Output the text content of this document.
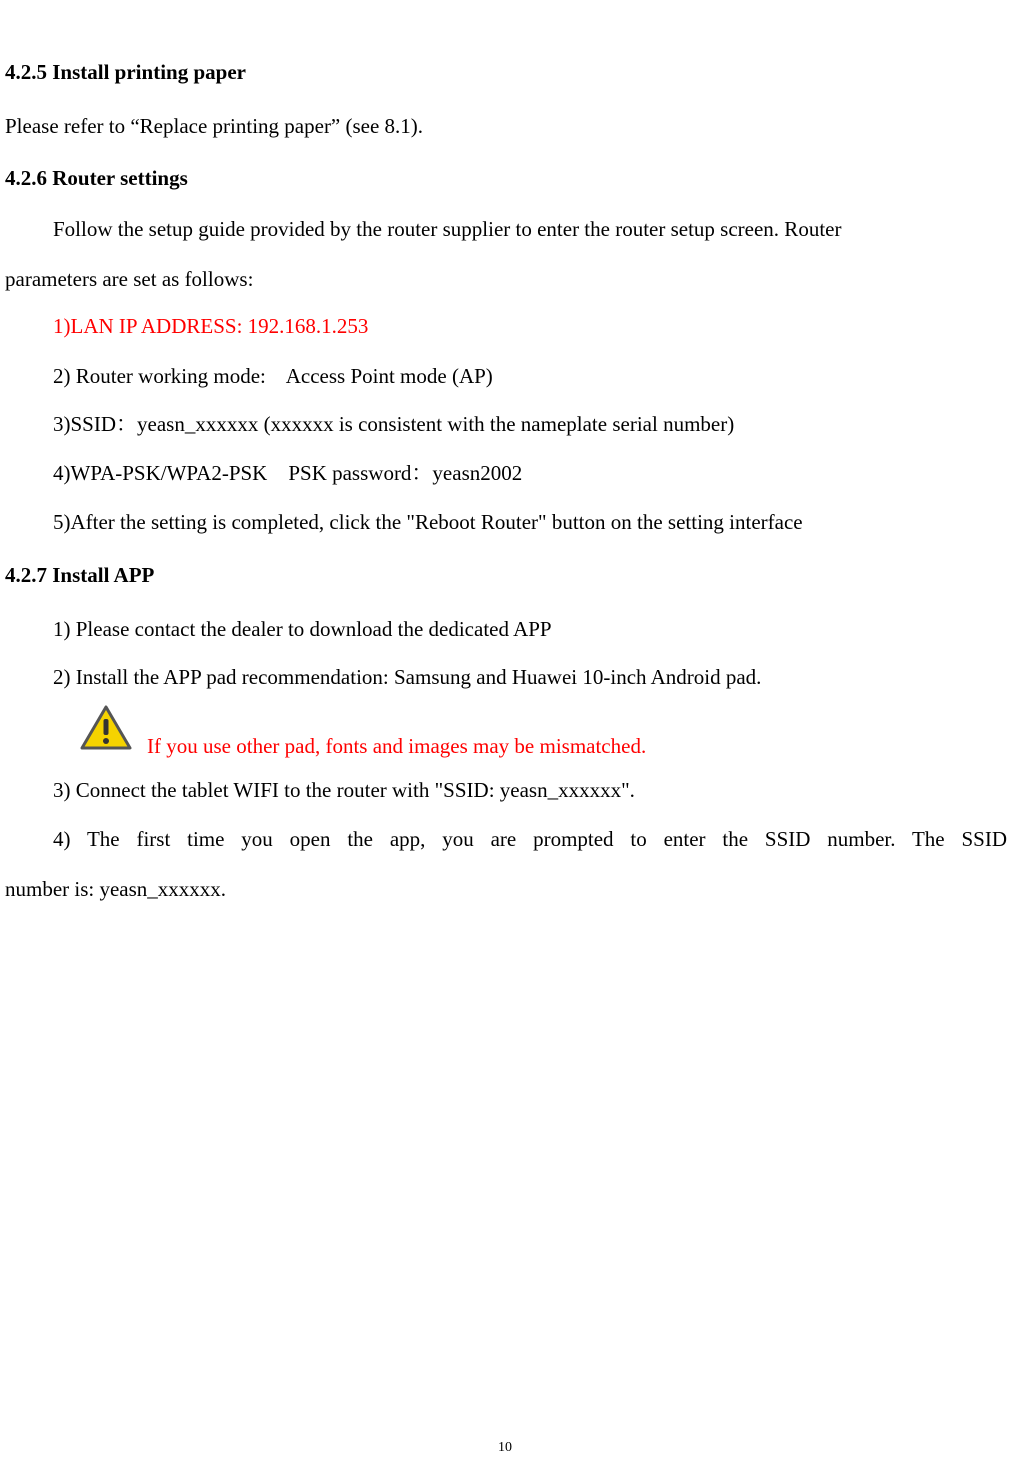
4.2.5 Install printing paper
Please refer to “Replace printing paper” (see 8.1).
4.2.6 Router settings
Follow the setup guide provided by the router supplier to enter the router setup screen. Router
parameters are set as follows:
1)LAN IP ADDRESS: 192.168.1.253
2) Router working mode:    Access Point mode (AP)
3)SSID：yeasn_xxxxxx (xxxxxx is consistent with the nameplate serial number)
4)WPA-PSK/WPA2-PSK    PSK password：yeasn2002
5)After the setting is completed, click the "Reboot Router" button on the setting interface
4.2.7 Install APP
1) Please contact the dealer to download the dedicated APP
2) Install the APP pad recommendation: Samsung and Huawei 10-inch Android pad.
If you use other pad, fonts and images may be mismatched.
3) Connect the tablet WIFI to the router with "SSID: yeasn_xxxxxx".
4) The first time you open the app, you are prompted to enter the SSID number. The SSID
number is: yeasn_xxxxxx.
10
